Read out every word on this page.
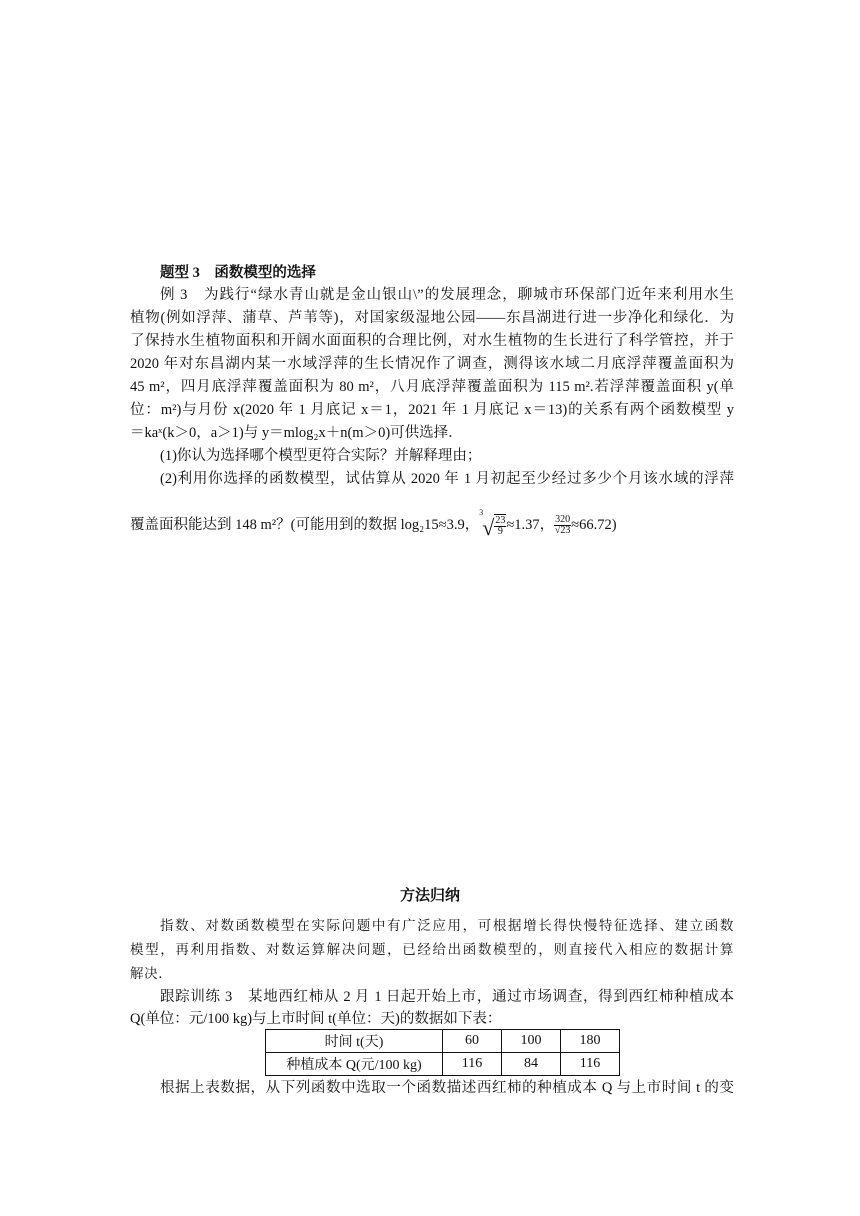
题型 3　函数模型的选择
例 3　为践行“绿水青山就是金山银山\”的发展理念，聊城市环保部门近年来利用水生
植物(例如浮萍、蒲草、芦苇等)，对国家级湿地公园——东昌湖进行进一步净化和绿化．为
了保持水生植物面积和开阔水面面积的合理比例，对水生植物的生长进行了科学管控，并于
2020 年对东昌湖内某一水域浮萍的生长情况作了调查，测得该水域二月底浮萍覆盖面积为
45 m²，四月底浮萍覆盖面积为 80 m²，八月底浮萍覆盖面积为 115 m².若浮萍覆盖面积 y(单
位：m²)与月份 x(2020 年 1 月底记 x＝1，2021 年 1 月底记 x＝13)的关系有两个函数模型 y
＝kaˣ(k＞0，a＞1)与 y＝mlog₂x＋n(m＞0)可供选择．
(1)你认为选择哪个模型更符合实际？并解释理由；
(2)利用你选择的函数模型，试估算从 2020 年 1 月初起至少经过多少个月该水域的浮萍
覆盖面积能达到 148 m²？(可能用到的数据 log₂15≈3.9，$^3√ \frac{23}{9} \approx 1.37$， $\frac{320}{√23} \approx 66.72$)
方法归纳
指数、对数函数模型在实际问题中有广泛应用，可根据增长得快慢特征选择、建立函数
模型，再利用指数、对数运算解决问题，已经给出函数模型的，则直接代入相应的数据计算
解决．
跟踪训练 3　某地西红柿从 2 月 1 日起开始上市，通过市场调查，得到西红柿种植成本
Q(单位：元/100 kg)与上市时间 t(单位：天)的数据如下表：
时间 t(天)	60	100	180
种植成本 Q(元/100 kg)	116	84	116
根据上表数据，从下列函数中选取一个函数描述西红柿的种植成本 Q 与上市时间 t 的变
